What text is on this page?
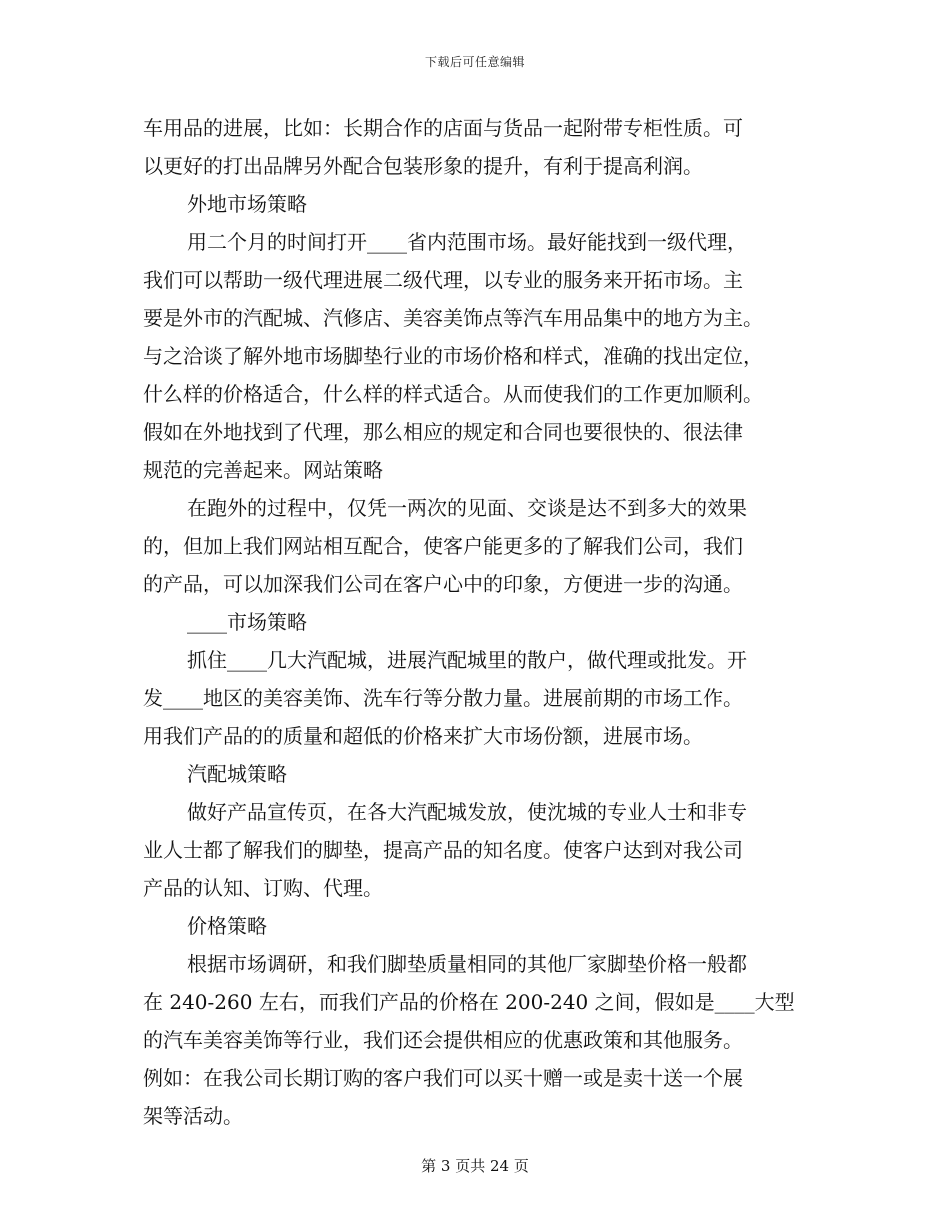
下载后可任意编辑
车用品的进展，比如：长期合作的店面与货品一起附带专柜性质。可
以更好的打出品牌另外配合包装形象的提升，有利于提高利润。
外地市场策略
用二个月的时间打开____省内范围市场。最好能找到一级代理，
我们可以帮助一级代理进展二级代理，以专业的服务来开拓市场。主
要是外市的汽配城、汽修店、美容美饰点等汽车用品集中的地方为主。
与之洽谈了解外地市场脚垫行业的市场价格和样式，准确的找出定位，
什么样的价格适合，什么样的样式适合。从而使我们的工作更加顺利。
假如在外地找到了代理，那么相应的规定和合同也要很快的、很法律
规范的完善起来。网站策略
在跑外的过程中，仅凭一两次的见面、交谈是达不到多大的效果
的，但加上我们网站相互配合，使客户能更多的了解我们公司，我们
的产品，可以加深我们公司在客户心中的印象，方便进一步的沟通。
____市场策略
抓住____几大汽配城，进展汽配城里的散户，做代理或批发。开
发____地区的美容美饰、洗车行等分散力量。进展前期的市场工作。
用我们产品的的质量和超低的价格来扩大市场份额，进展市场。
汽配城策略
做好产品宣传页，在各大汽配城发放，使沈城的专业人士和非专
业人士都了解我们的脚垫，提高产品的知名度。使客户达到对我公司
产品的认知、订购、代理。
价格策略
根据市场调研，和我们脚垫质量相同的其他厂家脚垫价格一般都
在 240-260 左右，而我们产品的价格在 200-240 之间，假如是____大型
的汽车美容美饰等行业，我们还会提供相应的优惠政策和其他服务。
例如：在我公司长期订购的客户我们可以买十赠一或是卖十送一个展
架等活动。
第 3 页共 24 页
